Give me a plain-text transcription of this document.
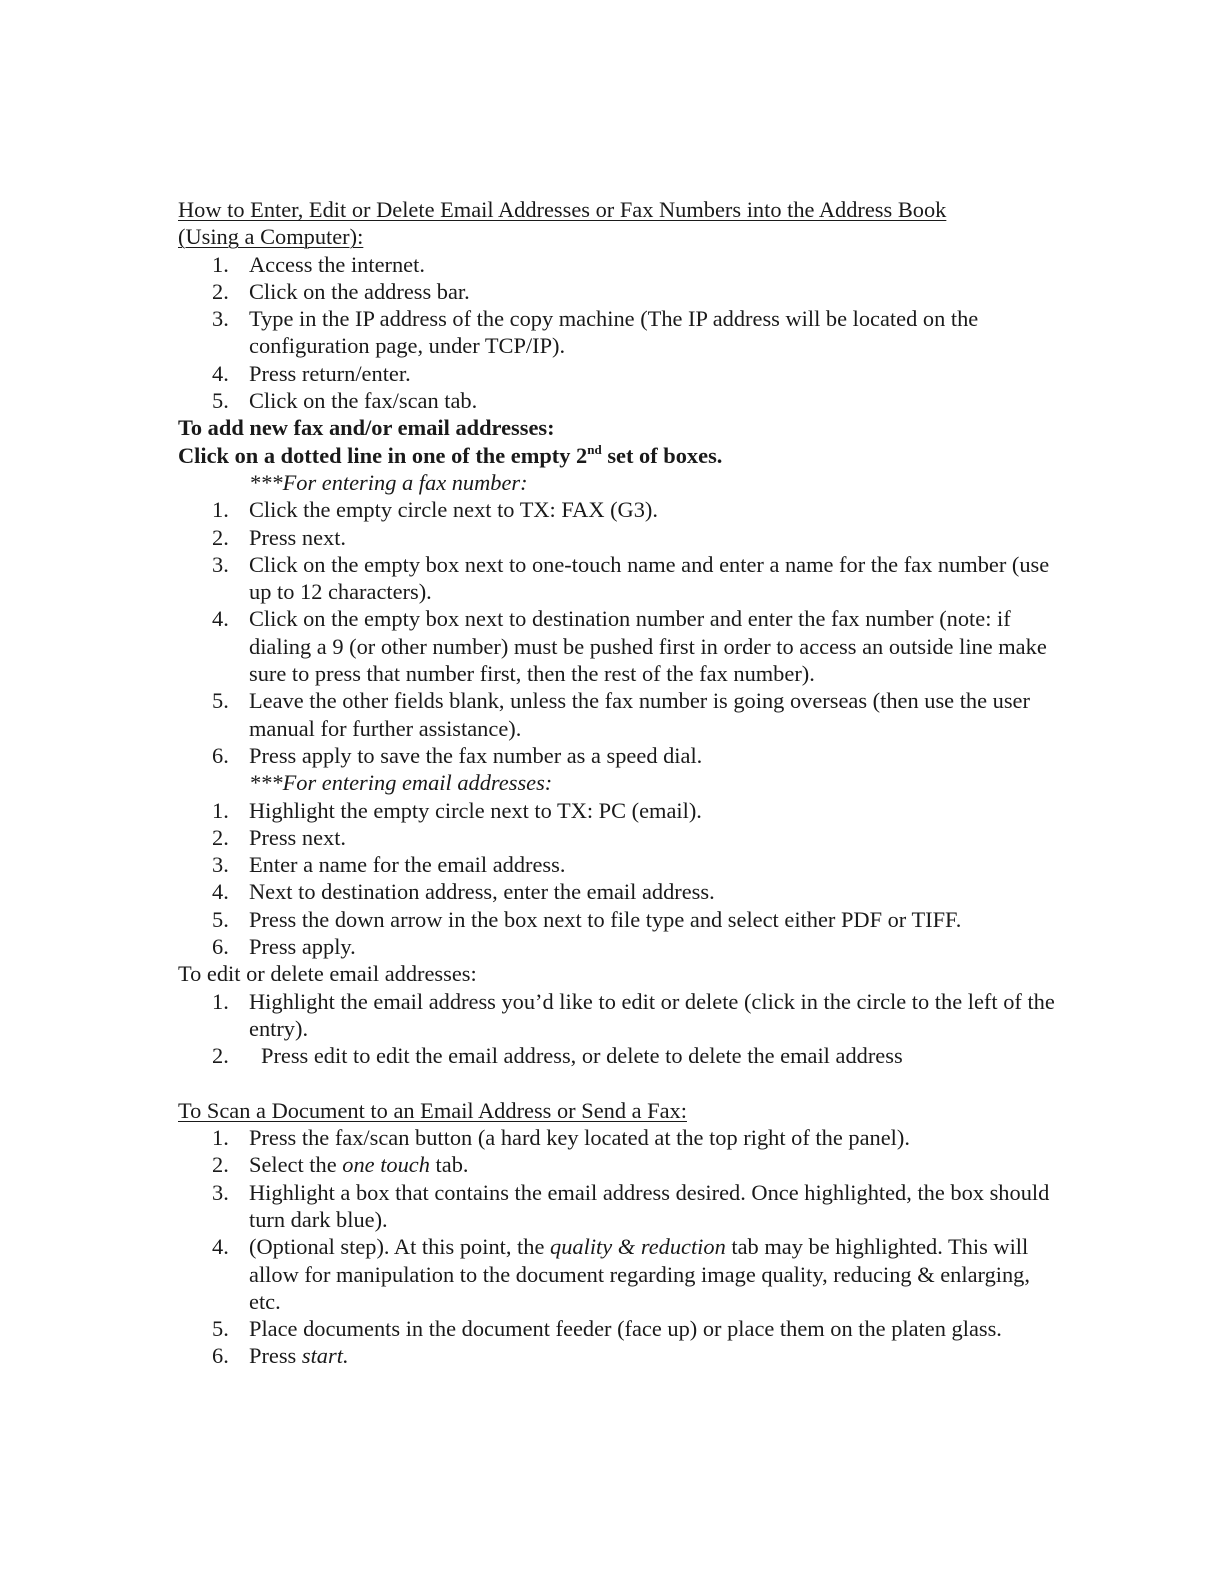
How to Enter, Edit or Delete Email Addresses or Fax Numbers into the Address Book
(Using a Computer):
1. Access the internet.
2. Click on the address bar.
3. Type in the IP address of the copy machine (The IP address will be located on the configuration page, under TCP/IP).
4. Press return/enter.
5. Click on the fax/scan tab.
To add new fax and/or email addresses:
Click on a dotted line in one of the empty 2nd set of boxes.
***For entering a fax number:
1. Click the empty circle next to TX: FAX (G3).
2. Press next.
3. Click on the empty box next to one-touch name and enter a name for the fax number (use up to 12 characters).
4. Click on the empty box next to destination number and enter the fax number (note: if dialing a 9 (or other number) must be pushed first in order to access an outside line make sure to press that number first, then the rest of the fax number).
5. Leave the other fields blank, unless the fax number is going overseas (then use the user manual for further assistance).
6. Press apply to save the fax number as a speed dial.
***For entering email addresses:
1. Highlight the empty circle next to TX: PC (email).
2. Press next.
3. Enter a name for the email address.
4. Next to destination address, enter the email address.
5. Press the down arrow in the box next to file type and select either PDF or TIFF.
6. Press apply.
To edit or delete email addresses:
1. Highlight the email address you’d like to edit or delete (click in the circle to the left of the entry).
2.	Press edit to edit the email address, or delete to delete the email address
To Scan a Document to an Email Address or Send a Fax:
1. Press the fax/scan button (a hard key located at the top right of the panel).
2. Select the one touch tab.
3. Highlight a box that contains the email address desired. Once highlighted, the box should turn dark blue).
4. (Optional step). At this point, the quality & reduction tab may be highlighted. This will allow for manipulation to the document regarding image quality, reducing & enlarging, etc.
5. Place documents in the document feeder (face up) or place them on the platen glass.
6. Press start.
